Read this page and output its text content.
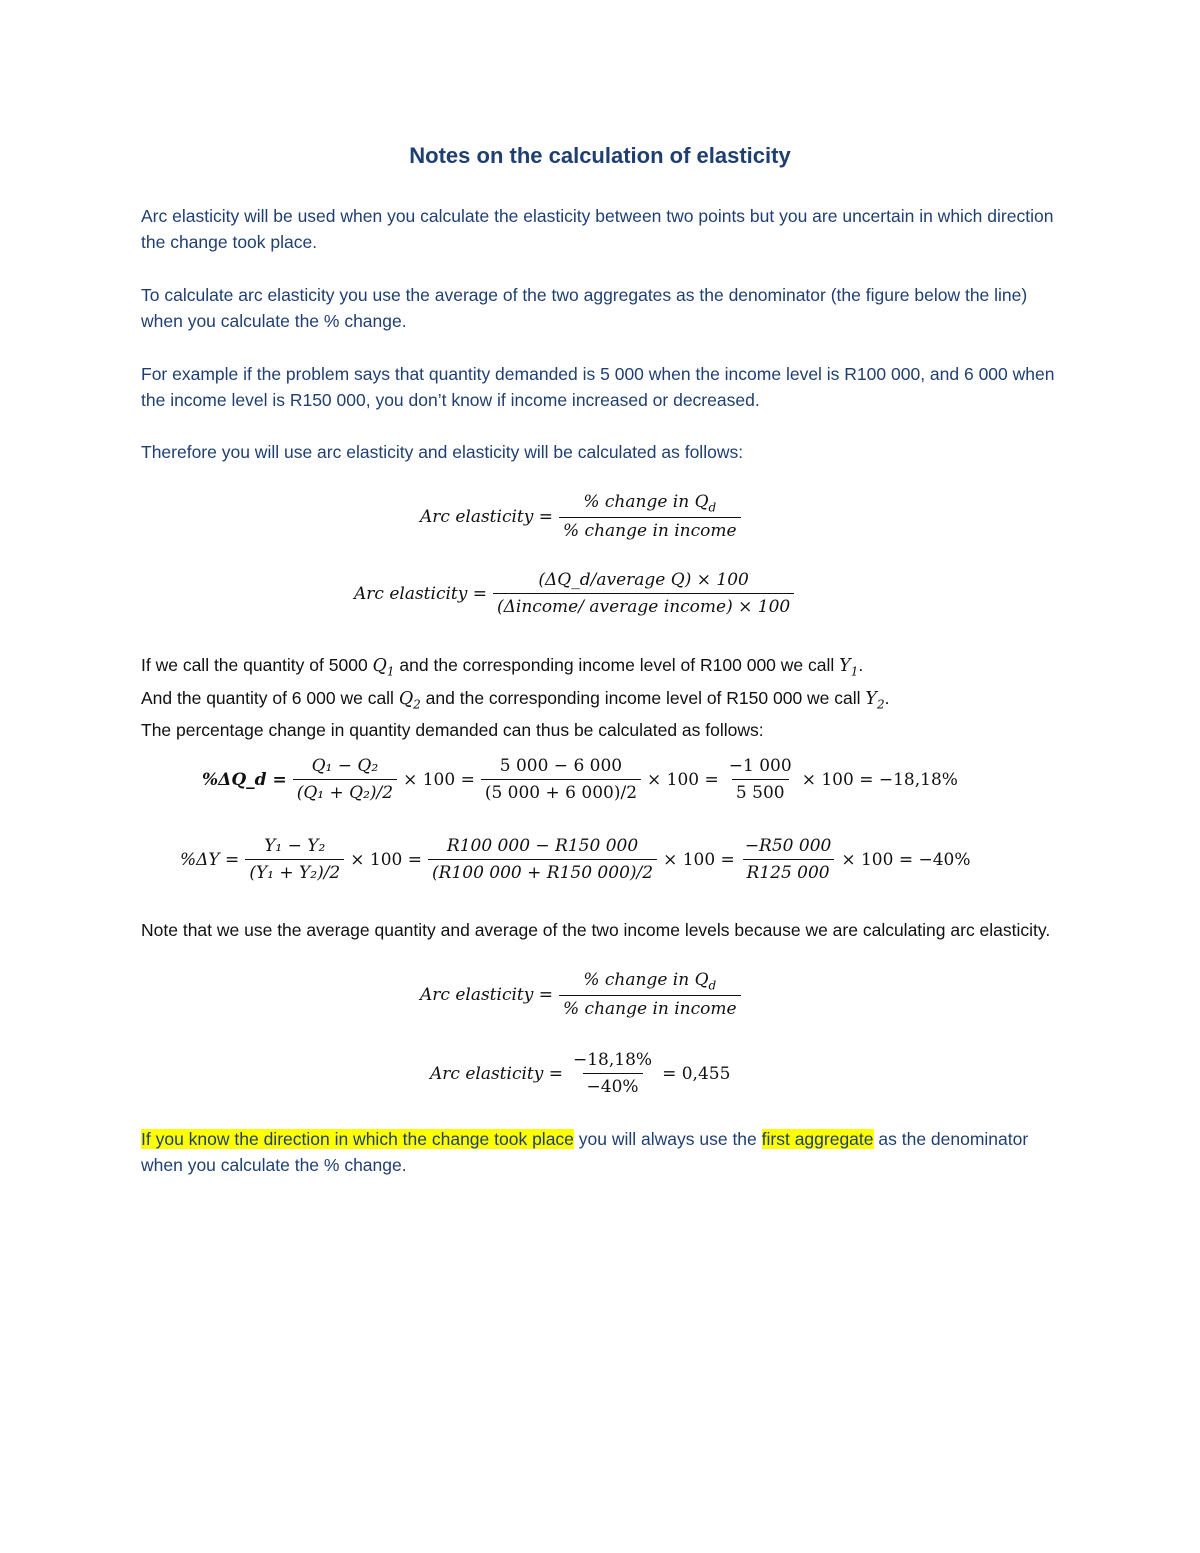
Notes on the calculation of elasticity
Arc elasticity will be used when you calculate the elasticity between two points but you are uncertain in which direction the change took place.
To calculate arc elasticity you use the average of the two aggregates as the denominator (the figure below the line) when you calculate the % change.
For example if the problem says that quantity demanded is 5 000 when the income level is R100 000, and 6 000 when the income level is R150 000, you don’t know if income increased or decreased.
Therefore you will use arc elasticity and elasticity will be calculated as follows:
Arc elasticity = $\frac{\% change in Q_d}{\text{\% change in income}}$
Arc elasticity = $\frac{\text{(ΔQ\_d/average Q) × 100}}{\text{(Δincome/ average income) × 100}}$
If we call the quantity of 5000 $Q_1$ and the corresponding income level of R100 000 we call $Y_1$.
And the quantity of 6 000 we call $Q_2$ and the corresponding income level of R150 000 we call $Y_2$.
The percentage change in quantity demanded can thus be calculated as follows:
%ΔQ_d = $\frac{\text{Q₁ − Q₂}}{\text{(Q₁ + Q₂)/2}} \times 100 = \frac{5 000 - 6 000}{(5 000 + 6 000)/2} \times 100 = \frac{-1 000}{5 500} \times 100 = -18,18\%$
$\%\Delta Y = \frac{\text{Y₁ − Y₂}}{\text{(Y₁ + Y₂)/2}} \times 100 = \frac{R100 000 - R150 000}{(R100 000 + R150 000)/2} \times 100 = \frac{-R50 000}{R125 000} \times 100 = -40\%$
Note that we use the average quantity and average of the two income levels because we are calculating arc elasticity.
Arc elasticity = $\frac{\% change in Q_d}{\text{\% change in income}}$
Arc elasticity = $\frac{-18,18\%}{-40\%} = 0,455$
If you know the direction in which the change took place you will always use the first aggregate as the denominator when you calculate the % change.
